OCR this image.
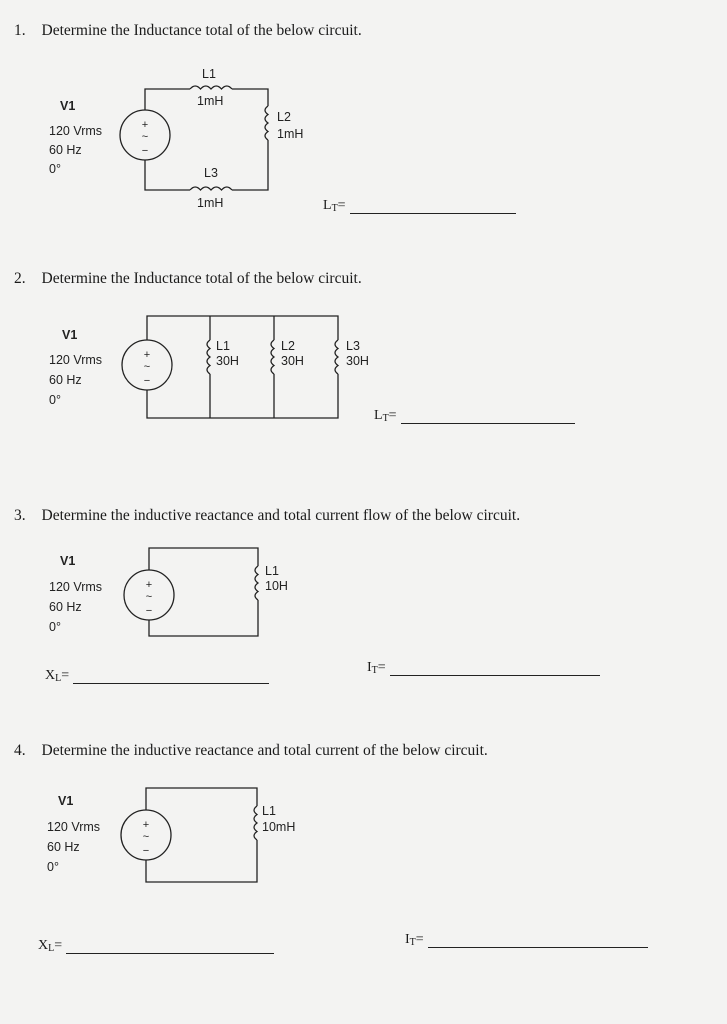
1. Determine the Inductance total of the below circuit.
V1
120 Vrms
60 Hz
0°
L1
1mH
L2
1mH
L3
1mH	L T =
2. Determine the Inductance total of the below circuit.
V1
120 Vrms
60 Hz
0°
L1
30H
L2
30H
L3
30H
L T =
3. Determine the inductive reactance and total current flow of the below circuit.
V1
120 Vrms
60 Hz
0°
L1
10H
X L =
I T =
4. Determine the inductive reactance and total current of the below circuit.
V1
120 Vrms
60 Hz
0°
L1
10mH
X L =	I T =
+
~
−
+
~
−
+
~
−
+
~
−
